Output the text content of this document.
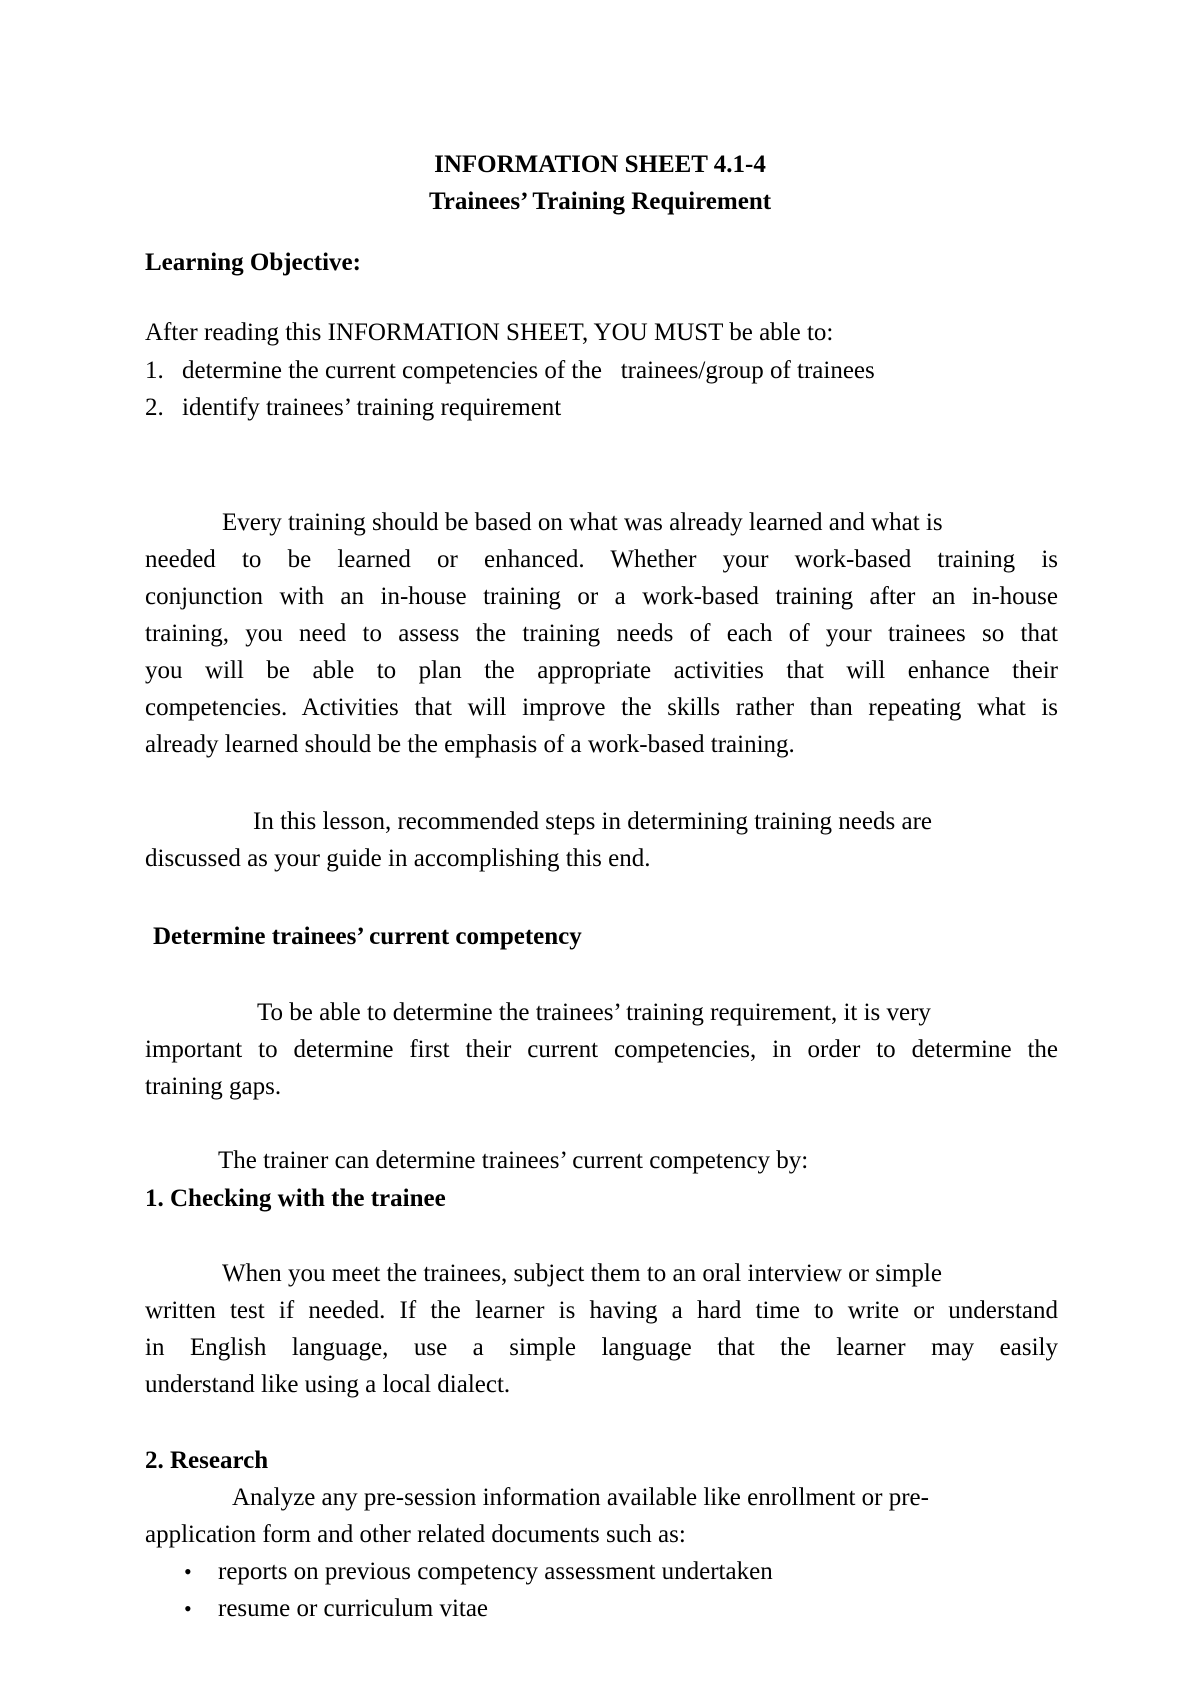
INFORMATION SHEET 4.1-4
Trainees’ Training Requirement
Learning Objective:
After reading this INFORMATION SHEET, YOU MUST be able to:
1. determine the current competencies of the   trainees/group of trainees
2. identify trainees’ training requirement
Every training should be based on what was already learned and what is
needed to be learned or enhanced. Whether your work-based training is
conjunction with an in-house training or a work-based training after an in-house
training, you need to assess the training needs of each of your trainees so that
you will be able to plan the appropriate activities that will enhance their
competencies. Activities that will improve the skills rather than repeating what is
already learned should be the emphasis of a work-based training.
In this lesson, recommended steps in determining training needs are
discussed as your guide in accomplishing this end.
Determine trainees’ current competency
To be able to determine the trainees’ training requirement, it is very
important to determine first their current competencies, in order to determine the
training gaps.
The trainer can determine trainees’ current competency by:
1. Checking with the trainee
When you meet the trainees, subject them to an oral interview or simple
written test if needed. If the learner is having a hard time to write or understand
in English language, use a simple language that the learner may easily
understand like using a local dialect.
2. Research
Analyze any pre-session information available like enrollment or pre-
application form and other related documents such as:
• reports on previous competency assessment undertaken
• resume or curriculum vitae
